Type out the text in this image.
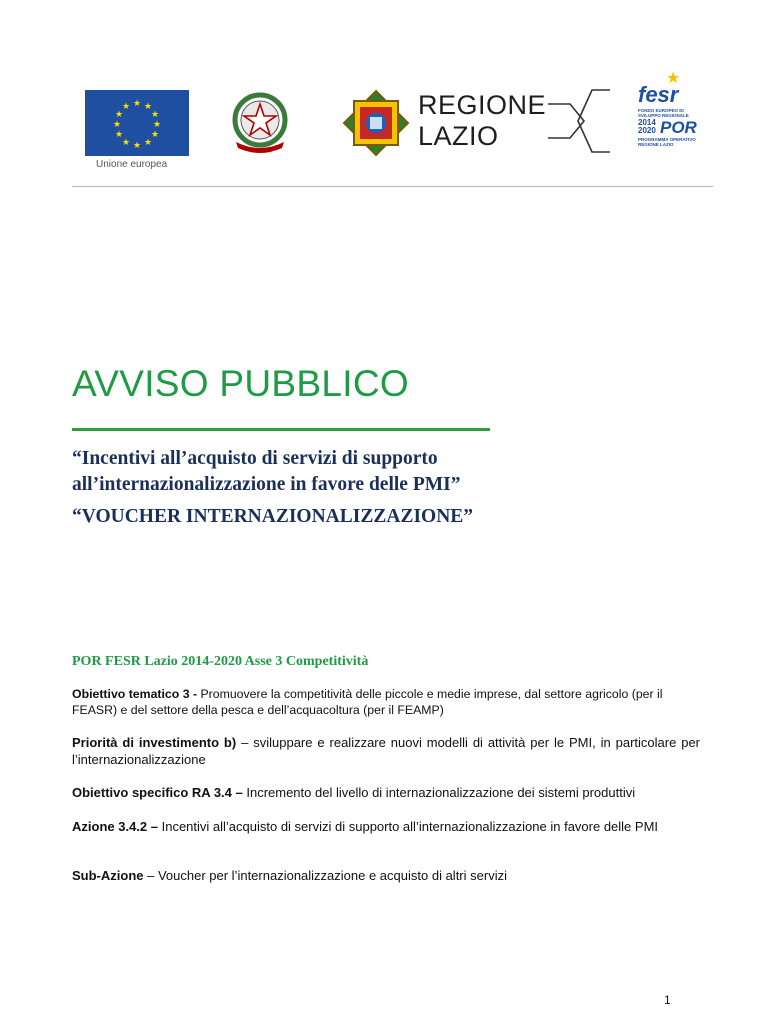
★ ★
★
★
★
★
★
★
★
★
★
★
Unione europea
REGIONE
LAZIO
★
fesr
FONDO EUROPEO DI
SVILUPPO REGIONALE
2014 2020 POR
PROGRAMMA OPERATIVO
REGIONE LAZIO
AVVISO PUBBLICO
“Incentivi all’acquisto di servizi di supporto
all’internazionalizzazione in favore delle PMI”
“VOUCHER INTERNAZIONALIZZAZIONE”
POR FESR Lazio 2014-2020 Asse 3 Competitività
Obiettivo tematico 3 - Promuovere la competitività delle piccole e medie imprese, dal settore agricolo (per il FEASR) e del settore della pesca e dell’acquacoltura (per il FEAMP)
Priorità di investimento b) – sviluppare e realizzare nuovi modelli di attività per le PMI, in particolare per l’internazionalizzazione
Obiettivo specifico RA 3.4 – Incremento del livello di internazionalizzazione dei sistemi produttivi
Azione 3.4.2 – Incentivi all’acquisto di servizi di supporto all’internazionalizzazione in favore delle PMI
Sub-Azione – Voucher per l’internazionalizzazione e acquisto di altri servizi
1
